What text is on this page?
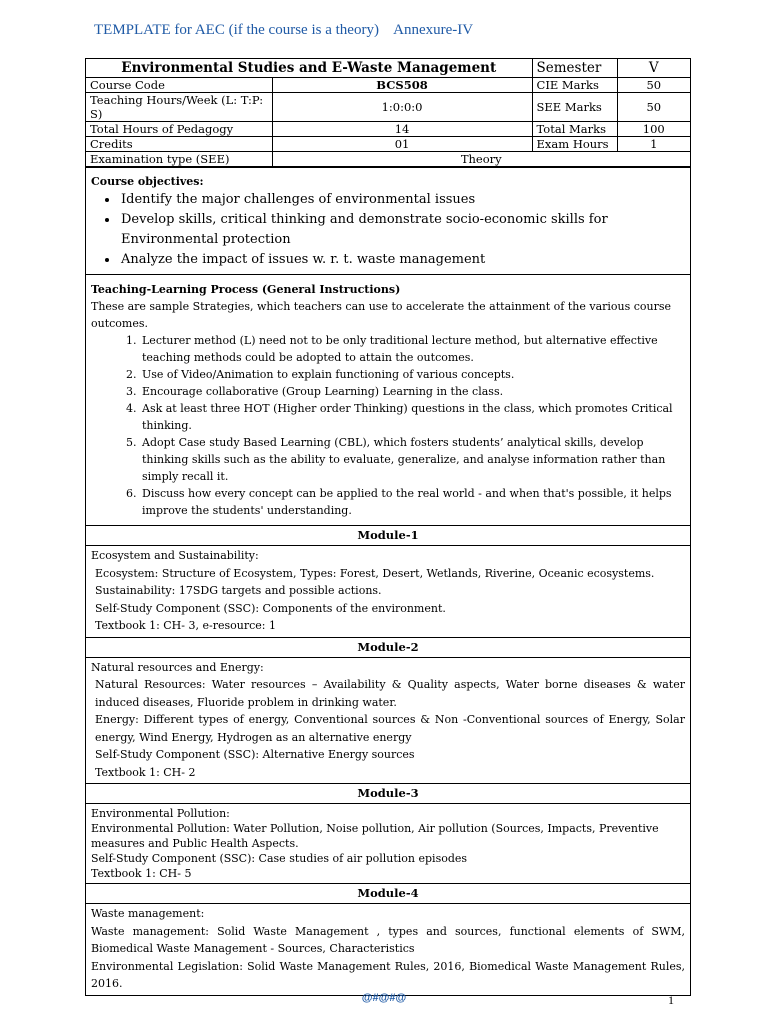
TEMPLATE for AEC (if the course is a theory)    Annexure-IV
Environmental Studies and E-Waste Management		Semester	V
Course Code	BCS508	CIE Marks	50
Teaching Hours/Week (L: T:P: S)	1:0:0:0	SEE Marks	50
Total Hours of Pedagogy	14	Total Marks	100
Credits	01	Exam Hours	1
Examination type (SEE)	Theory		
Course objectives:
• Identify the major challenges of environmental issues
• Develop skills, critical thinking and demonstrate socio-economic skills for Environmental protection
• Analyze the impact of issues w. r. t. waste management
Teaching-Learning Process (General Instructions)
These are sample Strategies, which teachers can use to accelerate the attainment of the various course outcomes.
1. Lecturer method (L) need not to be only traditional lecture method, but alternative effective teaching methods could be adopted to attain the outcomes.
2. Use of Video/Animation to explain functioning of various concepts.
3. Encourage collaborative (Group Learning) Learning in the class.
4. Ask at least three HOT (Higher order Thinking) questions in the class, which promotes Critical thinking.
5. Adopt Case study Based Learning (CBL), which fosters students’ analytical skills, develop thinking skills such as the ability to evaluate, generalize, and analyse information rather than simply recall it.
6. Discuss how every concept can be applied to the real world - and when that's possible, it helps improve the students' understanding.
Module-1
Ecosystem and Sustainability:
Ecosystem: Structure of Ecosystem, Types: Forest, Desert, Wetlands, Riverine, Oceanic ecosystems.
Sustainability: 17SDG targets and possible actions.
Self-Study Component (SSC): Components of the environment.
Textbook 1: CH- 3, e-resource: 1
Module-2
Natural resources and Energy:
Natural Resources: Water resources – Availability & Quality aspects, Water borne diseases & water induced diseases, Fluoride problem in drinking water.
Energy: Different types of energy, Conventional sources & Non -Conventional sources of Energy, Solar energy, Wind Energy, Hydrogen as an alternative energy
Self-Study Component (SSC): Alternative Energy sources
Textbook 1: CH- 2
Module-3
Environmental Pollution:
Environmental Pollution: Water Pollution, Noise pollution, Air pollution (Sources, Impacts, Preventive measures and Public Health Aspects.
Self-Study Component (SSC): Case studies of air pollution episodes
Textbook 1: CH- 5
Module-4
Waste management:
Waste management: Solid Waste Management , types and sources, functional elements of SWM, Biomedical Waste Management - Sources, Characteristics
Environmental Legislation: Solid Waste Management Rules, 2016, Biomedical Waste Management Rules, 2016.
@#@#@	1
